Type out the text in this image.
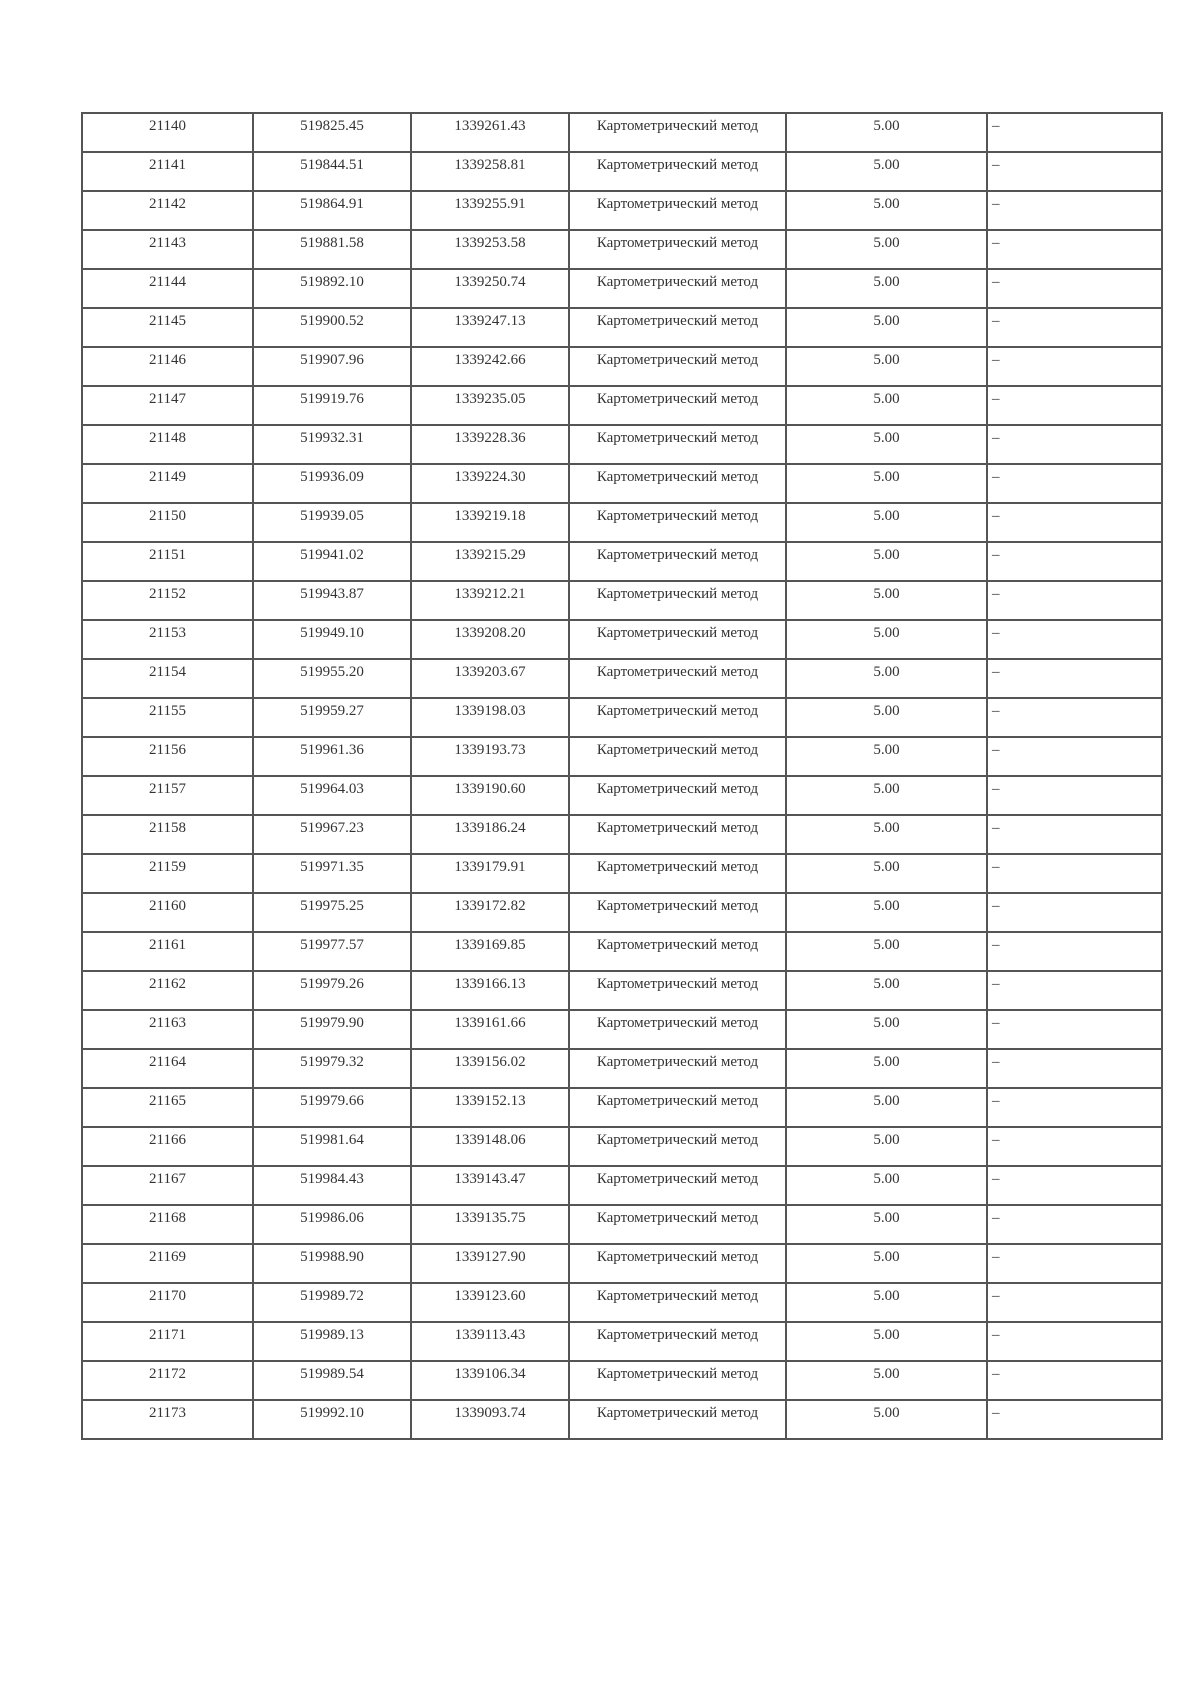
21140	519825.45	1339261.43	Картометрический метод	5.00	–
21141	519844.51	1339258.81	Картометрический метод	5.00	–
21142	519864.91	1339255.91	Картометрический метод	5.00	–
21143	519881.58	1339253.58	Картометрический метод	5.00	–
21144	519892.10	1339250.74	Картометрический метод	5.00	–
21145	519900.52	1339247.13	Картометрический метод	5.00	–
21146	519907.96	1339242.66	Картометрический метод	5.00	–
21147	519919.76	1339235.05	Картометрический метод	5.00	–
21148	519932.31	1339228.36	Картометрический метод	5.00	–
21149	519936.09	1339224.30	Картометрический метод	5.00	–
21150	519939.05	1339219.18	Картометрический метод	5.00	–
21151	519941.02	1339215.29	Картометрический метод	5.00	–
21152	519943.87	1339212.21	Картометрический метод	5.00	–
21153	519949.10	1339208.20	Картометрический метод	5.00	–
21154	519955.20	1339203.67	Картометрический метод	5.00	–
21155	519959.27	1339198.03	Картометрический метод	5.00	–
21156	519961.36	1339193.73	Картометрический метод	5.00	–
21157	519964.03	1339190.60	Картометрический метод	5.00	–
21158	519967.23	1339186.24	Картометрический метод	5.00	–
21159	519971.35	1339179.91	Картометрический метод	5.00	–
21160	519975.25	1339172.82	Картометрический метод	5.00	–
21161	519977.57	1339169.85	Картометрический метод	5.00	–
21162	519979.26	1339166.13	Картометрический метод	5.00	–
21163	519979.90	1339161.66	Картометрический метод	5.00	–
21164	519979.32	1339156.02	Картометрический метод	5.00	–
21165	519979.66	1339152.13	Картометрический метод	5.00	–
21166	519981.64	1339148.06	Картометрический метод	5.00	–
21167	519984.43	1339143.47	Картометрический метод	5.00	–
21168	519986.06	1339135.75	Картометрический метод	5.00	–
21169	519988.90	1339127.90	Картометрический метод	5.00	–
21170	519989.72	1339123.60	Картометрический метод	5.00	–
21171	519989.13	1339113.43	Картометрический метод	5.00	–
21172	519989.54	1339106.34	Картометрический метод	5.00	–
21173	519992.10	1339093.74	Картометрический метод	5.00	–
